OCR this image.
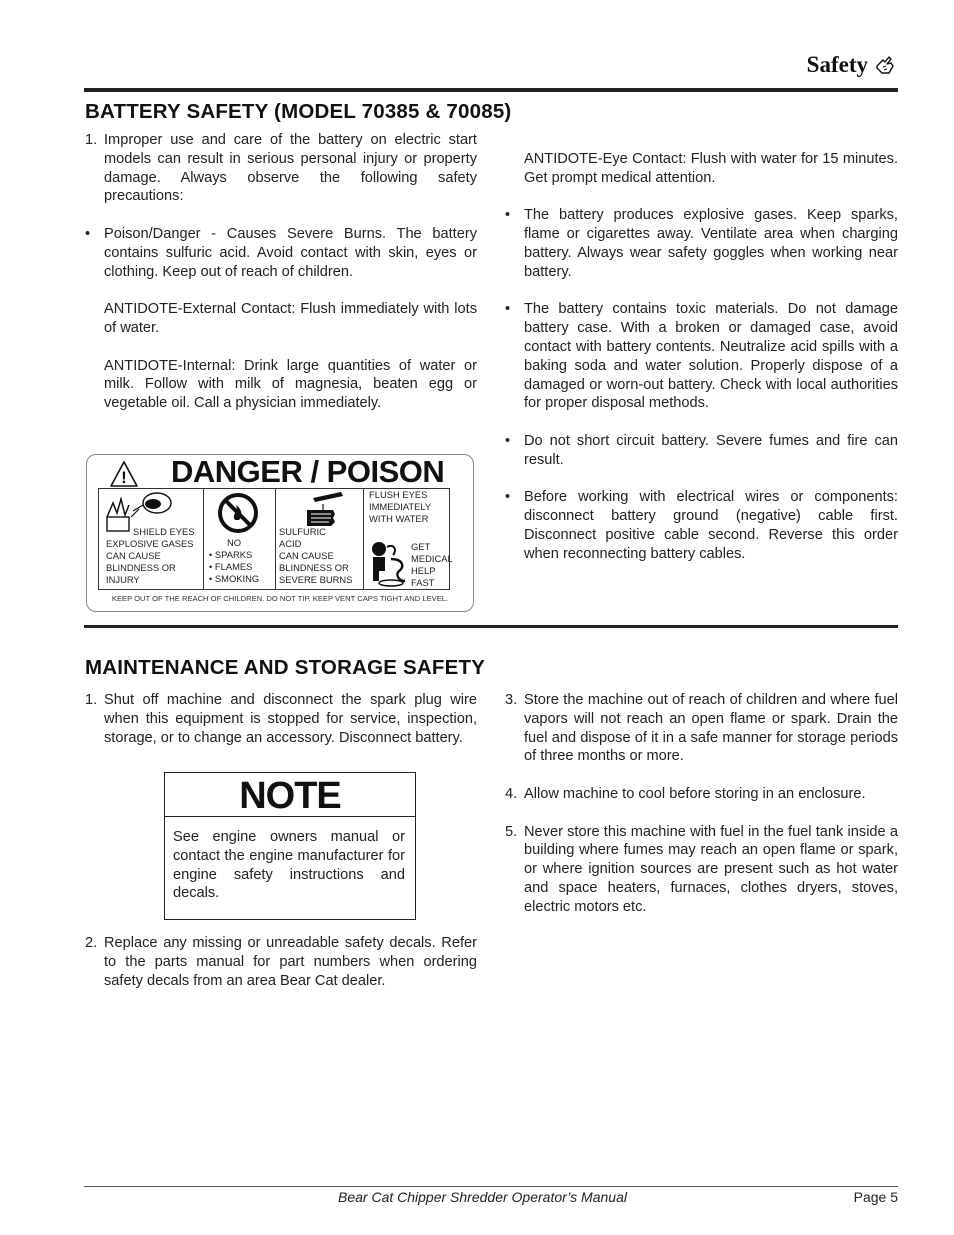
Safety
BATTERY SAFETY (MODEL 70385 & 70085)
1. Improper use and care of the battery on electric start models can result in serious personal injury or property damage. Always observe the following safety precautions:
• Poison/Danger - Causes Severe Burns. The battery contains sulfuric acid. Avoid contact with skin, eyes or clothing. Keep out of reach of children.
ANTIDOTE-External Contact: Flush immediately with lots of water.
ANTIDOTE-Internal: Drink large quantities of water or milk. Follow with milk of magnesia, beaten egg or vegetable oil. Call a physician immediately.
ANTIDOTE-Eye Contact: Flush with water for 15 minutes. Get prompt medical attention.
• The battery produces explosive gases. Keep sparks, flame or cigarettes away. Ventilate area when charging battery. Always wear safety goggles when working near battery.
• The battery contains toxic materials. Do not damage battery case. With a broken or damaged case, avoid contact with battery contents. Neutralize acid spills with a baking soda and water solution. Properly dispose of a damaged or worn-out battery. Check with local authorities for proper disposal methods.
• Do not short circuit battery. Severe fumes and fire can result.
• Before working with electrical wires or components: disconnect battery ground (negative) cable first. Disconnect positive cable second. Reverse this order when reconnecting battery cables.
! DANGER / POISON
SHIELD EYES
EXPLOSIVE GASES
CAN CAUSE
BLINDNESS OR
INJURY
NO
• SPARKS
• FLAMES
• SMOKING
SULFURIC
ACID
CAN CAUSE
BLINDNESS OR
SEVERE BURNS
FLUSH EYES
IMMEDIATELY
WITH WATER
GET
MEDICAL
HELP
FAST
KEEP OUT OF THE REACH OF CHILDREN. DO NOT TIP. KEEP VENT CAPS TIGHT AND LEVEL.
MAINTENANCE AND STORAGE SAFETY
1. Shut off machine and disconnect the spark plug wire when this equipment is stopped for service, inspection, storage, or to change an accessory. Disconnect battery.
NOTE
See engine owners manual or contact the engine manufacturer for engine safety instructions and decals.
2. Replace any missing or unreadable safety decals. Refer to the parts manual for part numbers when ordering safety decals from an area Bear Cat dealer.
3. Store the machine out of reach of children and where fuel vapors will not reach an open flame or spark. Drain the fuel and dispose of it in a safe manner for storage periods of three months or more.
4. Allow machine to cool before storing in an enclosure.
5. Never store this machine with fuel in the fuel tank inside a building where fumes may reach an open flame or spark, or where ignition sources are present such as hot water and space heaters, furnaces, clothes dryers, stoves, electric motors etc.
Bear Cat Chipper Shredder Operator’s Manual	Page 5
